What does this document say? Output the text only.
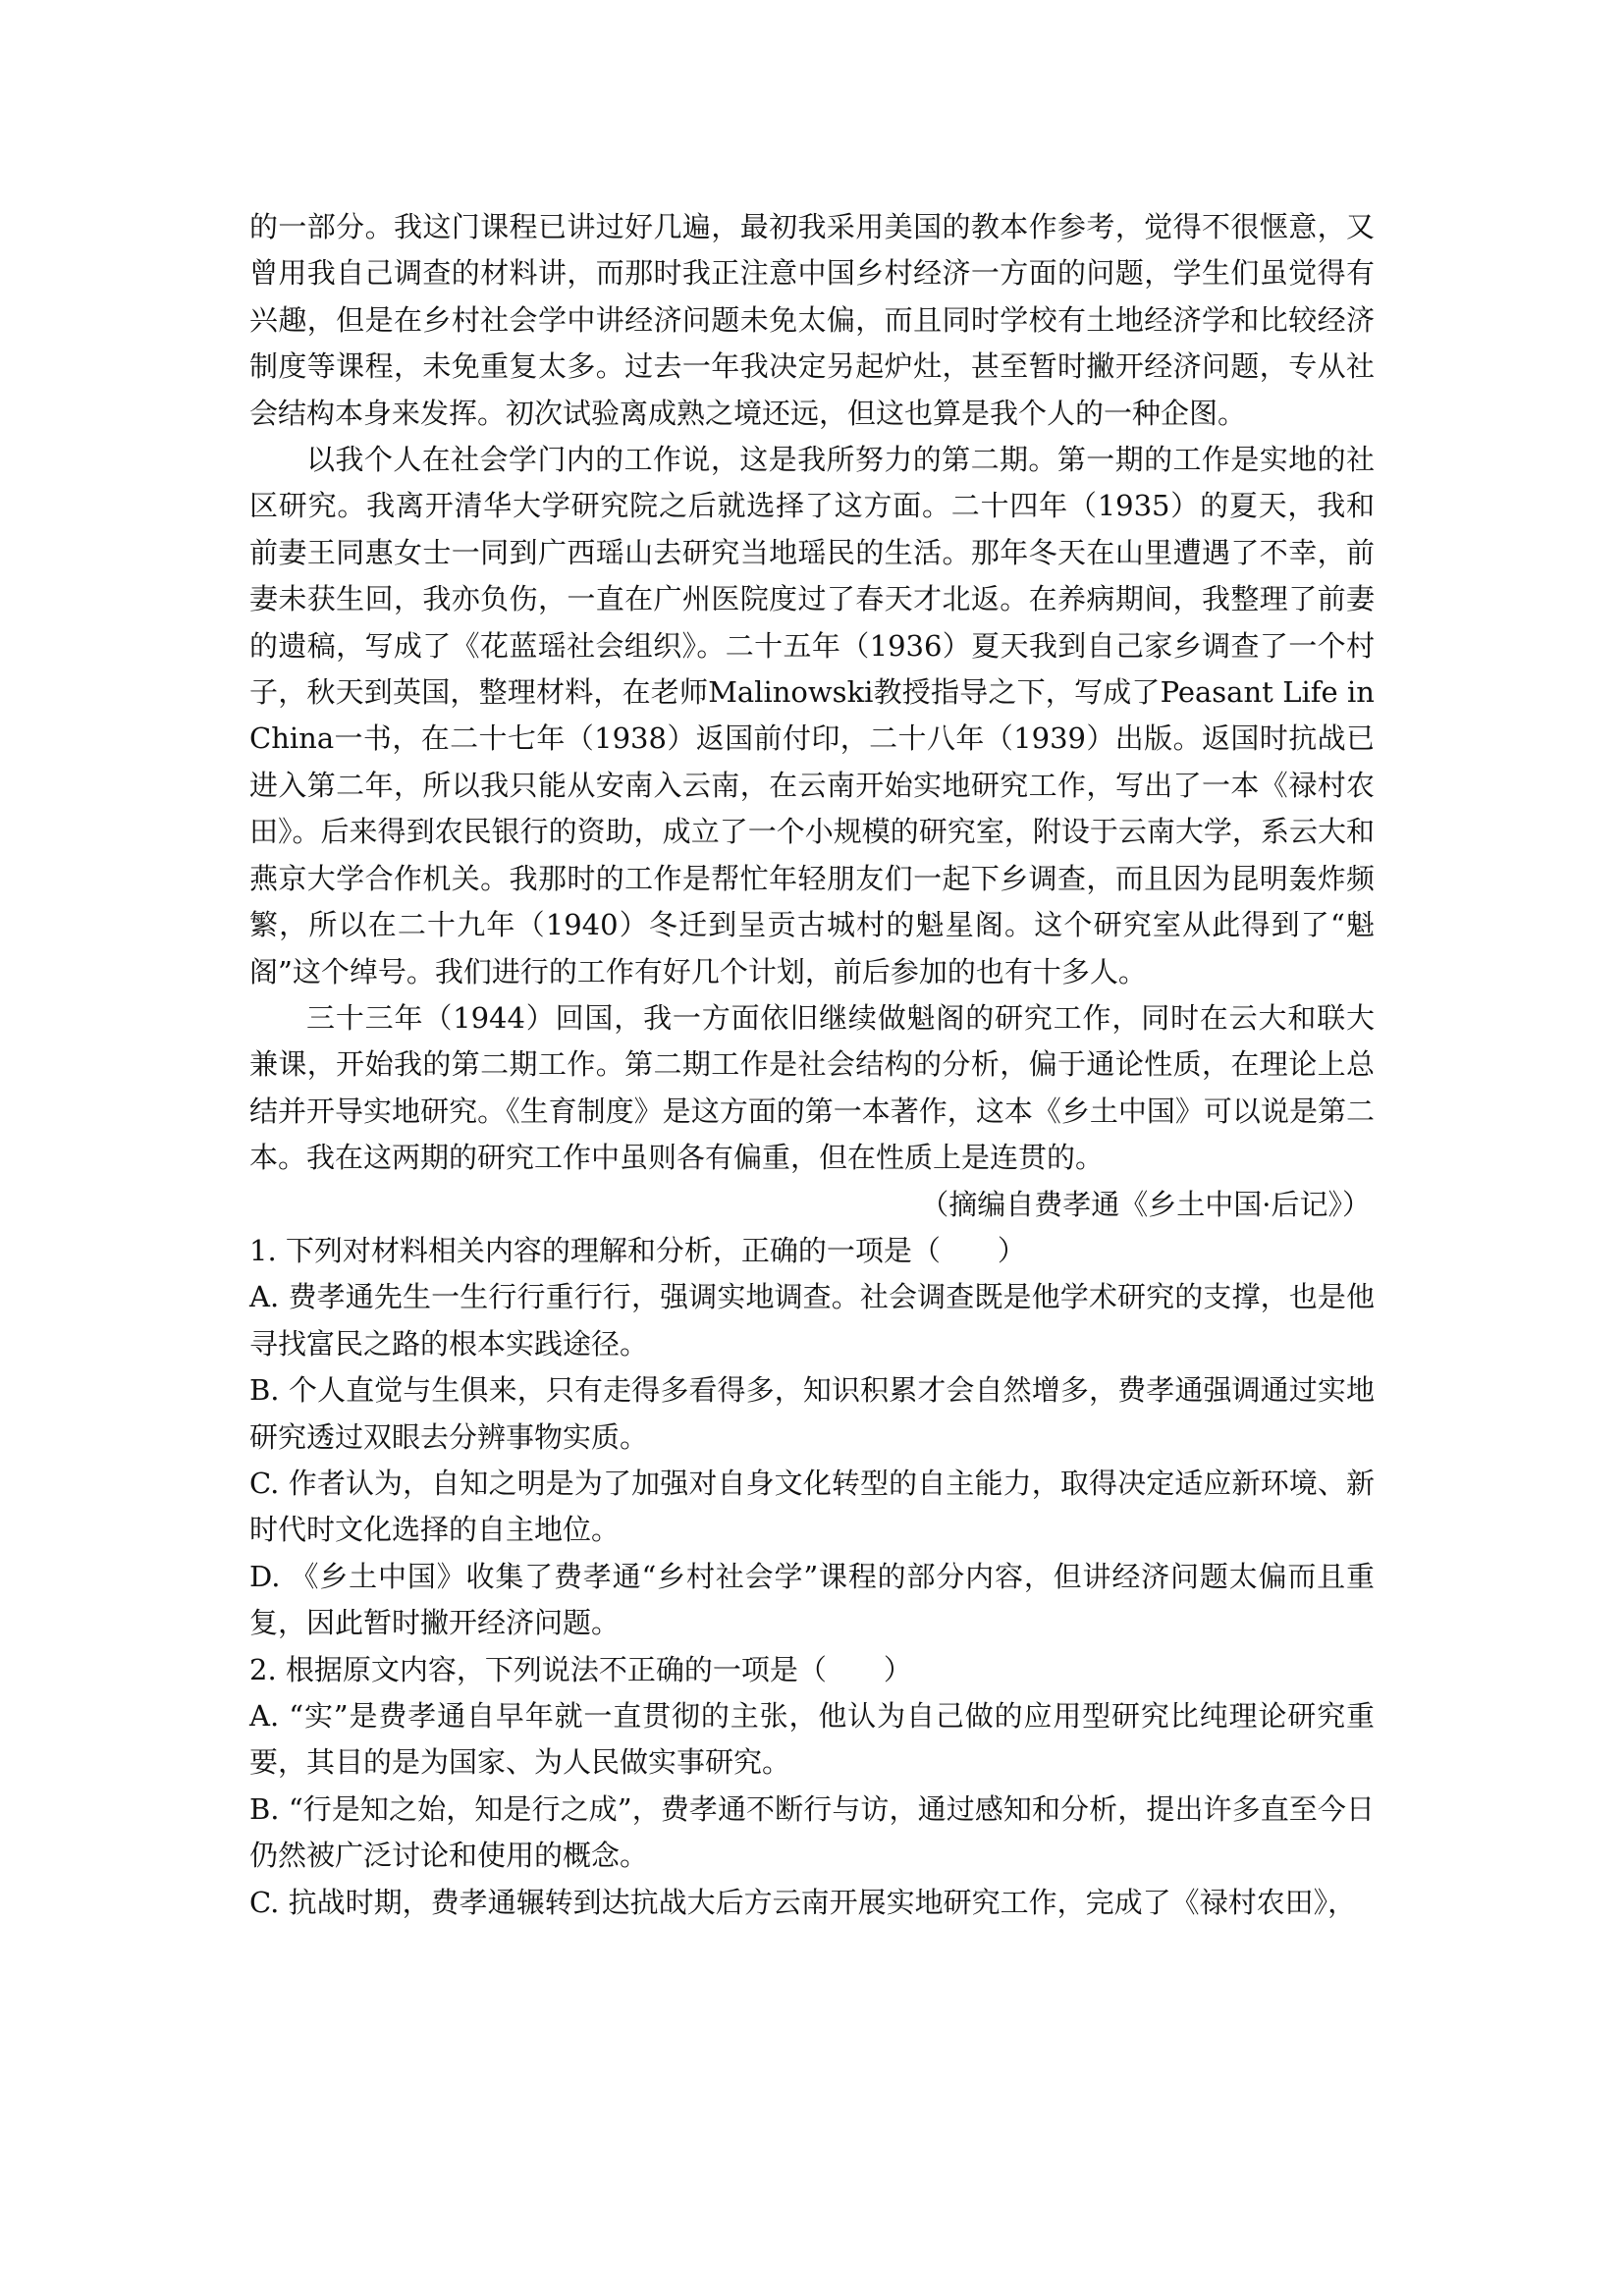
的一部分。我这门课程已讲过好几遍，最初我采用美国的教本作参考，觉得不很惬意，又曾用我自己调查的材料讲，而那时我正注意中国乡村经济一方面的问题，学生们虽觉得有兴趣，但是在乡村社会学中讲经济问题未免太偏，而且同时学校有土地经济学和比较经济制度等课程，未免重复太多。过去一年我决定另起炉灶，甚至暂时撇开经济问题，专从社会结构本身来发挥。初次试验离成熟之境还远，但这也算是我个人的一种企图。

以我个人在社会学门内的工作说，这是我所努力的第二期。第一期的工作是实地的社区研究。我离开清华大学研究院之后就选择了这方面。二十四年（1935）的夏天，我和前妻王同惠女士一同到广西瑶山去研究当地瑶民的生活。那年冬天在山里遭遇了不幸，前妻未获生回，我亦负伤，一直在广州医院度过了春天才北返。在养病期间，我整理了前妻的遗稿，写成了《花蓝瑶社会组织》。二十五年（1936）夏天我到自己家乡调查了一个村子，秋天到英国，整理材料，在老师Malinowski教授指导之下，写成了Peasant Life in China一书，在二十七年（1938）返国前付印，二十八年（1939）出版。返国时抗战已进入第二年，所以我只能从安南入云南，在云南开始实地研究工作，写出了一本《禄村农田》。后来得到农民银行的资助，成立了一个小规模的研究室，附设于云南大学，系云大和燕京大学合作机关。我那时的工作是帮忙年轻朋友们一起下乡调查，而且因为昆明轰炸频繁，所以在二十九年（1940）冬迁到呈贡古城村的魁星阁。这个研究室从此得到了“魁阁”这个绰号。我们进行的工作有好几个计划，前后参加的也有十多人。

三十三年（1944）回国，我一方面依旧继续做魁阁的研究工作，同时在云大和联大兼课，开始我的第二期工作。第二期工作是社会结构的分析，偏于通论性质，在理论上总结并开导实地研究。《生育制度》是这方面的第一本著作，这本《乡土中国》可以说是第二本。我在这两期的研究工作中虽则各有偏重，但在性质上是连贯的。

（摘编自费孝通《乡土中国·后记》）

1. 下列对材料相关内容的理解和分析，正确的一项是（　　）

A. 费孝通先生一生行行重行行，强调实地调查。社会调查既是他学术研究的支撑，也是他寻找富民之路的根本实践途径。

B. 个人直觉与生俱来，只有走得多看得多，知识积累才会自然增多，费孝通强调通过实地研究透过双眼去分辨事物实质。

C. 作者认为，自知之明是为了加强对自身文化转型的自主能力，取得决定适应新环境、新时代时文化选择的自主地位。

D. 《乡土中国》收集了费孝通“乡村社会学”课程的部分内容，但讲经济问题太偏而且重复，因此暂时撇开经济问题。

2. 根据原文内容，下列说法不正确的一项是（　　）

A. “实”是费孝通自早年就一直贯彻的主张，他认为自己做的应用型研究比纯理论研究重要，其目的是为国家、为人民做实事研究。

B. “行是知之始，知是行之成”，费孝通不断行与访，通过感知和分析，提出许多直至今日仍然被广泛讨论和使用的概念。

C. 抗战时期，费孝通辗转到达抗战大后方云南开展实地研究工作，完成了《禄村农田》，
